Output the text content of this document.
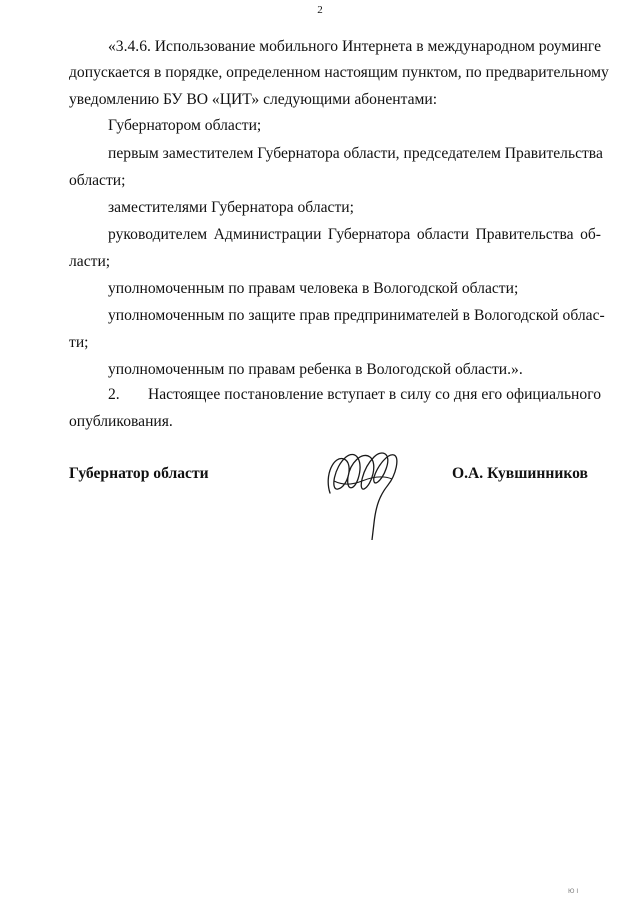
2
«3.4.6. Использование мобильного Интернета в международном роуминге
допускается в порядке, определенном настоящим пунктом, по предварительному
уведомлению БУ ВО «ЦИТ» следующими абонентами:
Губернатором области;
первым заместителем Губернатора области, председателем Правительства
области;
заместителями Губернатора области;
руководителем Администрации Губернатора области Правительства об-
ласти;
уполномоченным по правам человека в Вологодской области;
уполномоченным по защите прав предпринимателей в Вологодской облас-
ти;
уполномоченным по правам ребенка в Вологодской области.».
2. Настоящее постановление вступает в силу со дня его официального
опубликования.
Губернатор области	О.А. Кувшинников
Ю I
